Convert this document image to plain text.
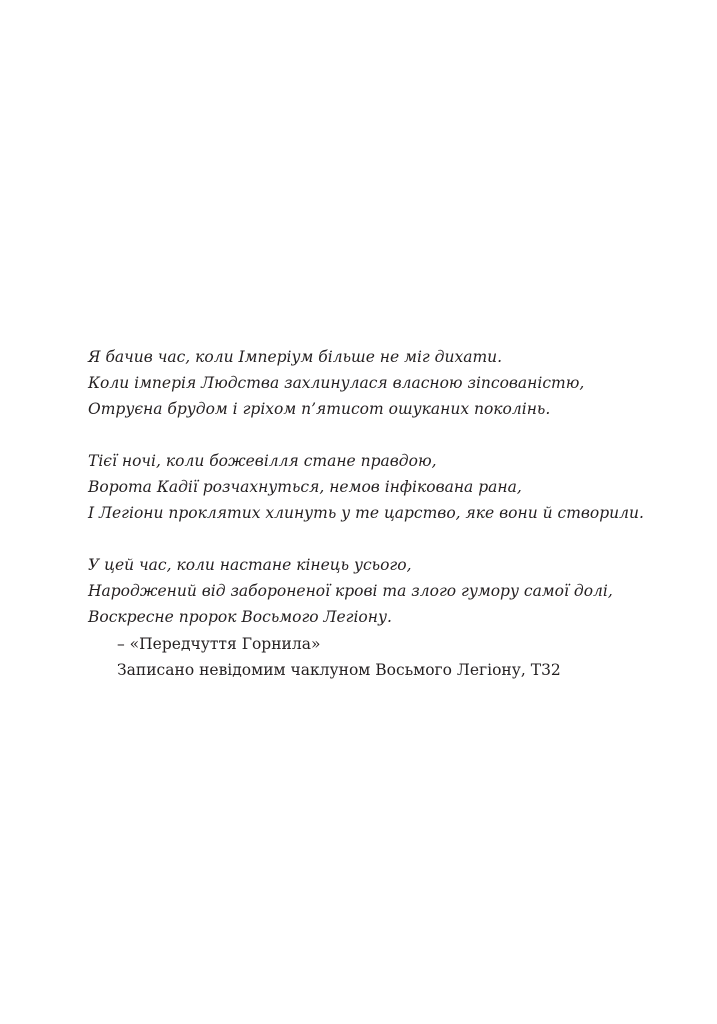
Я бачив час, коли Імперіум більше не міг дихати.
Коли імперія Людства захлинулася власною зіпсованістю,
Отруєна брудом і гріхом п’ятисот ошуканих поколінь.
Тієї ночі, коли божевілля стане правдою,
Ворота Кадії розчахнуться, немов інфікована рана,
І Легіони проклятих хлинуть у те царство, яке вони й створили.
У цей час, коли настане кінець усього,
Народжений від забороненої крові та злого гумору самої долі,
Воскресне пророк Восьмого Легіону.
– «Передчуття Горнила»
Записано невідомим чаклуном Восьмого Легіону, Т32
